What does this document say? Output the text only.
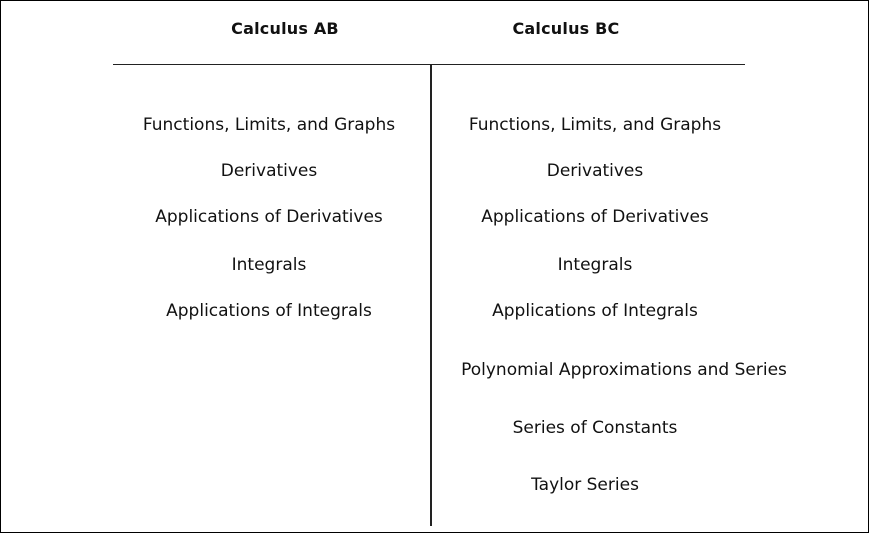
Calculus AB	Calculus BC
Functions, Limits, and Graphs
Derivatives
Applications of Derivatives
Integrals
Applications of Integrals
Functions, Limits, and Graphs
Derivatives
Applications of Derivatives
Integrals
Applications of Integrals
Polynomial Approximations and Series
Series of Constants
Taylor Series
